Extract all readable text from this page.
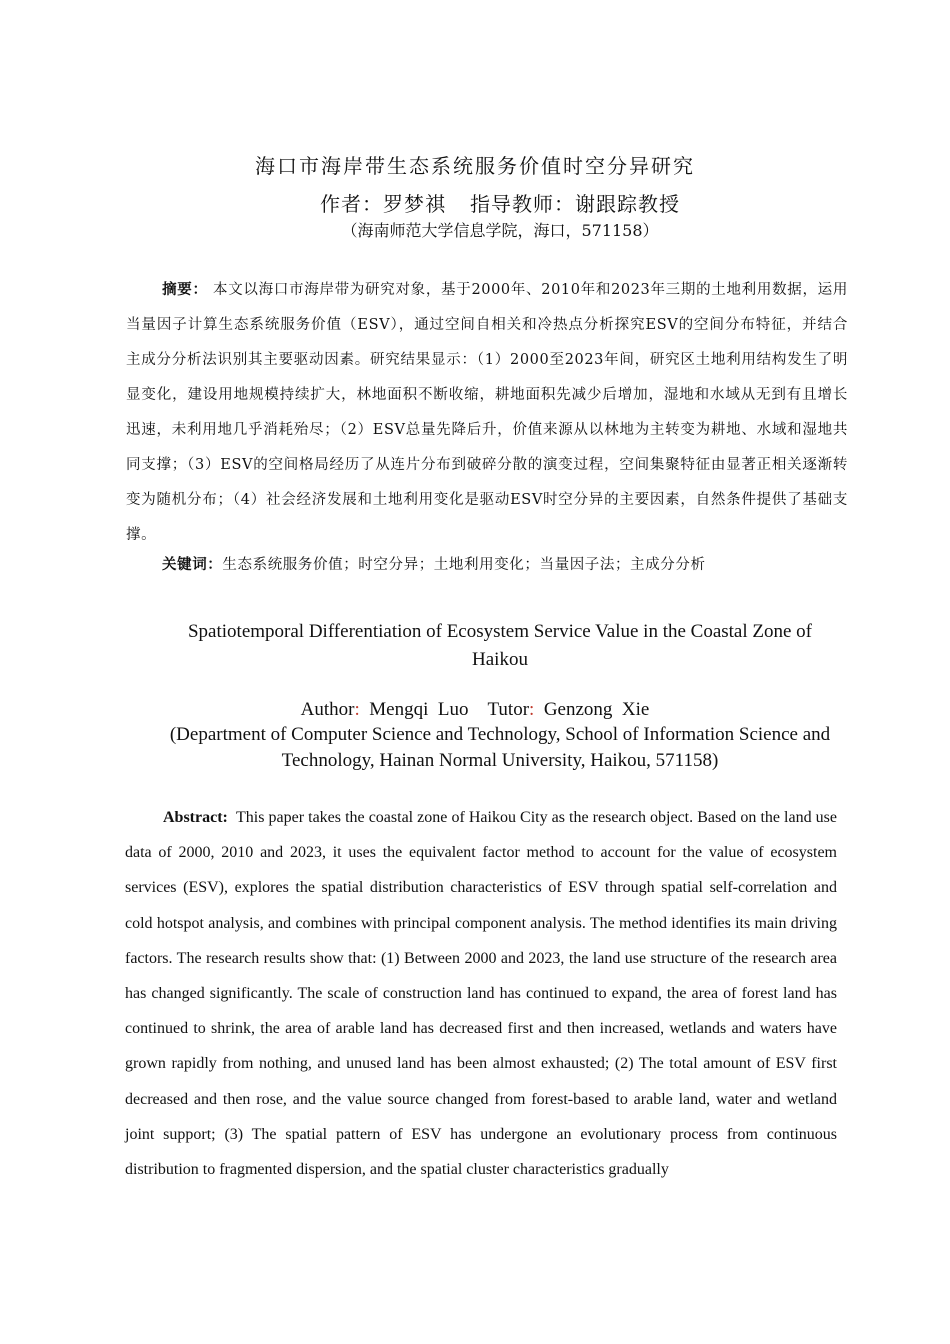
海口市海岸带生态系统服务价值时空分异研究
作者：罗梦祺 指导教师：谢跟踪教授
（海南师范大学信息学院，海口，571158）
摘要： 本文以海口市海岸带为研究对象，基于2000年、2010年和2023年三期的土地利用数据，运用当量因子计算生态系统服务价值（ESV），通过空间自相关和冷热点分析探究ESV的空间分布特征，并结合主成分分析法识别其主要驱动因素。研究结果显示：（1）2000至2023年间，研究区土地利用结构发生了明显变化，建设用地规模持续扩大，林地面积不断收缩，耕地面积先减少后增加，湿地和水域从无到有且增长迅速，未利用地几乎消耗殆尽；（2）ESV总量先降后升，价值来源从以林地为主转变为耕地、水域和湿地共同支撑；（3）ESV的空间格局经历了从连片分布到破碎分散的演变过程，空间集聚特征由显著正相关逐渐转变为随机分布；（4）社会经济发展和土地利用变化是驱动ESV时空分异的主要因素，自然条件提供了基础支撑。
关键词：生态系统服务价值；时空分异；土地利用变化；当量因子法；主成分分析
Spatiotemporal Differentiation of Ecosystem Service Value in the Coastal Zone of Haikou
Author: Mengqi  Luo Tutor: Genzong  Xie
(Department of Computer Science and Technology, School of Information Science and Technology, Hainan Normal University, Haikou, 571158)
Abstract: This paper takes the coastal zone of Haikou City as the research object. Based on the land use data of 2000, 2010 and 2023, it uses the equivalent factor method to account for the value of ecosystem services (ESV), explores the spatial distribution characteristics of ESV through spatial self-correlation and cold hotspot analysis, and combines with principal component analysis. The method identifies its main driving factors. The research results show that: (1) Between 2000 and 2023, the land use structure of the research area has changed significantly. The scale of construction land has continued to expand, the area of forest land has continued to shrink, the area of arable land has decreased first and then increased, wetlands and waters have grown rapidly from nothing, and unused land has been almost exhausted; (2) The total amount of ESV first decreased and then rose, and the value source changed from forest-based to arable land, water and wetland joint support; (3) The spatial pattern of ESV has undergone an evolutionary process from continuous distribution to fragmented dispersion, and the spatial cluster characteristics gradually
